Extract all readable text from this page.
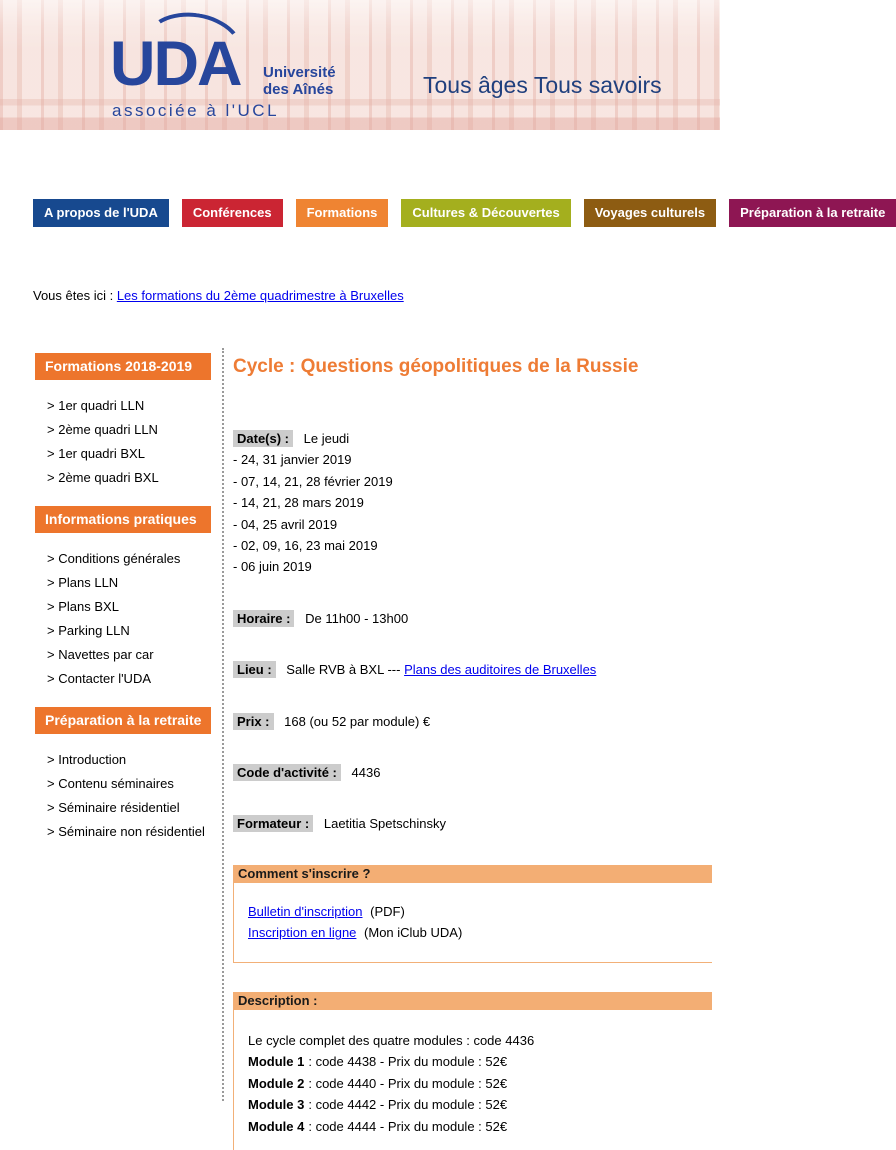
UDA Université
des Aînés
associée à l'UCL
Tous âges Tous savoirs
A propos de l'UDA	Conférences	Formations	Cultures & Découvertes	Voyages culturels	Préparation à la retraite
Vous êtes ici : Les formations du 2ème quadrimestre à Bruxelles
Formations 2018-2019
> 1er quadri LLN
> 2ème quadri LLN
> 1er quadri BXL
> 2ème quadri BXL
Informations pratiques
> Conditions générales
> Plans LLN
> Plans BXL
> Parking LLN
> Navettes par car
> Contacter l'UDA
Préparation à la retraite
> Introduction
> Contenu séminaires
> Séminaire résidentiel
> Séminaire non résidentiel
Cycle : Questions géopolitiques de la Russie
Date(s) : Le jeudi
- 24, 31 janvier 2019
- 07, 14, 21, 28 février 2019
- 14, 21, 28 mars 2019
- 04, 25 avril 2019
- 02, 09, 16, 23 mai 2019
- 06 juin 2019
Horaire : De 11h00 - 13h00
Lieu : Salle RVB à BXL --- Plans des auditoires de Bruxelles
Prix : 168 (ou 52 par module) €
Code d'activité : 4436
Formateur : Laetitia Spetschinsky
Comment s'inscrire ?
Bulletin d'inscription (PDF)
Inscription en ligne (Mon iClub UDA)
Description :
Le cycle complet des quatre modules : code 4436
Module 1 : code 4438 - Prix du module : 52€
Module 2 : code 4440 - Prix du module : 52€
Module 3 : code 4442 - Prix du module : 52€
Module 4 : code 4444 - Prix du module : 52€
